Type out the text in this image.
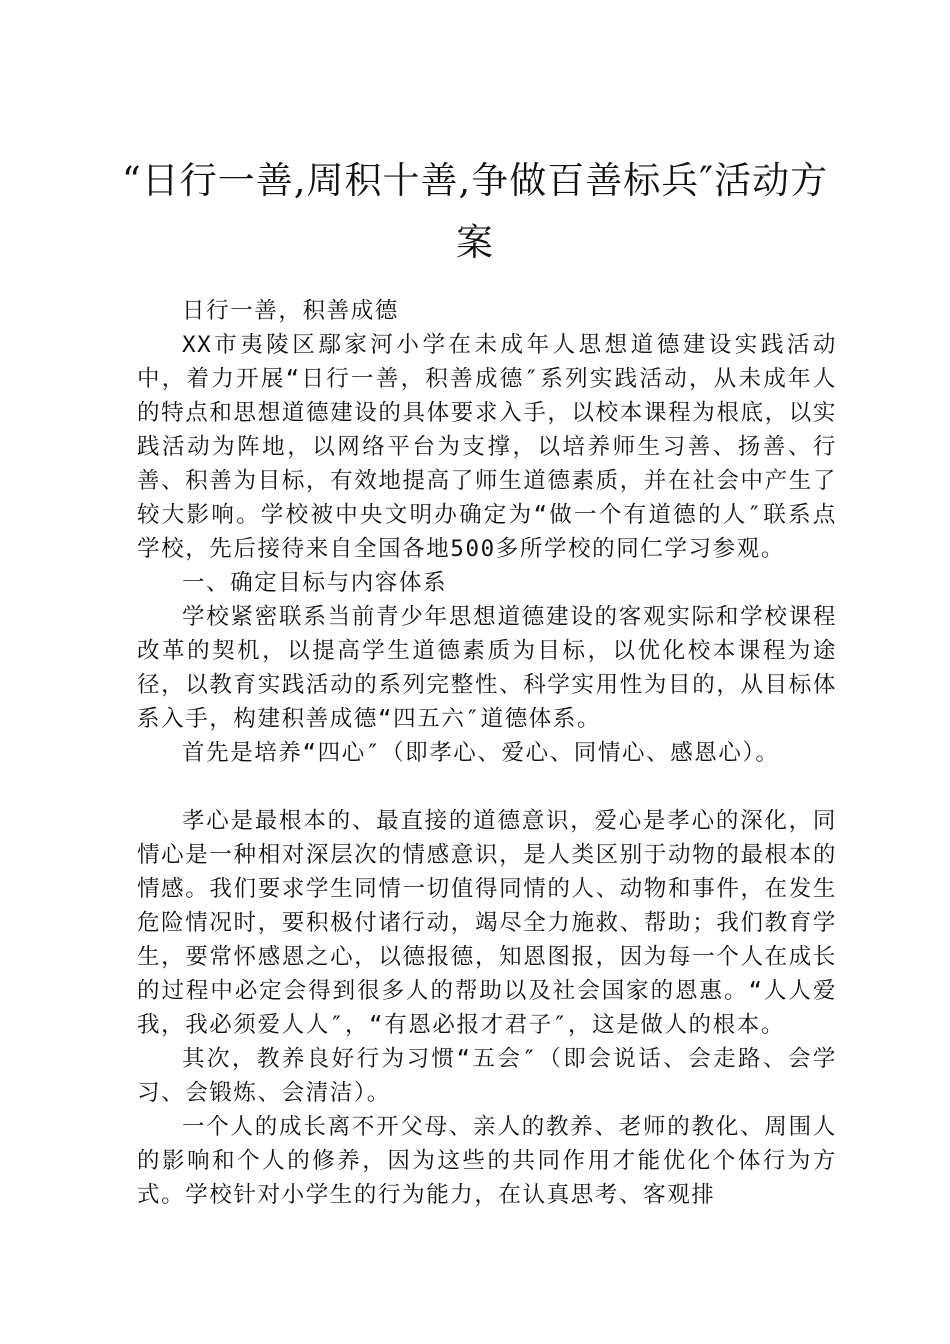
“日行一善,周积十善,争做百善标兵″活动方案

日行一善，积善成德

XX市夷陵区鄢家河小学在未成年人思想道德建设实践活动中，着力开展“日行一善，积善成德″系列实践活动，从未成年人的特点和思想道德建设的具体要求入手，以校本课程为根底，以实践活动为阵地，以网络平台为支撑，以培养师生习善、扬善、行善、积善为目标，有效地提高了师生道德素质，并在社会中产生了较大影响。学校被中央文明办确定为“做一个有道德的人″联系点学校，先后接待来自全国各地500多所学校的同仁学习参观。

一、确定目标与内容体系

学校紧密联系当前青少年思想道德建设的客观实际和学校课程改革的契机，以提高学生道德素质为目标，以优化校本课程为途径，以教育实践活动的系列完整性、科学实用性为目的，从目标体系入手，构建积善成德“四五六″道德体系。

首先是培养“四心″（即孝心、爱心、同情心、感恩心）。

孝心是最根本的、最直接的道德意识，爱心是孝心的深化，同情心是一种相对深层次的情感意识，是人类区别于动物的最根本的情感。我们要求学生同情一切值得同情的人、动物和事件，在发生危险情况时，要积极付诸行动，竭尽全力施救、帮助；我们教育学生，要常怀感恩之心，以德报德，知恩图报，因为每一个人在成长的过程中必定会得到很多人的帮助以及社会国家的恩惠。“人人爱我，我必须爱人人″，“有恩必报才君子″，这是做人的根本。

其次，教养良好行为习惯“五会″（即会说话、会走路、会学习、会锻炼、会清洁）。

一个人的成长离不开父母、亲人的教养、老师的教化、周围人的影响和个人的修养，因为这些的共同作用才能优化个体行为方式。学校针对小学生的行为能力，在认真思考、客观排
